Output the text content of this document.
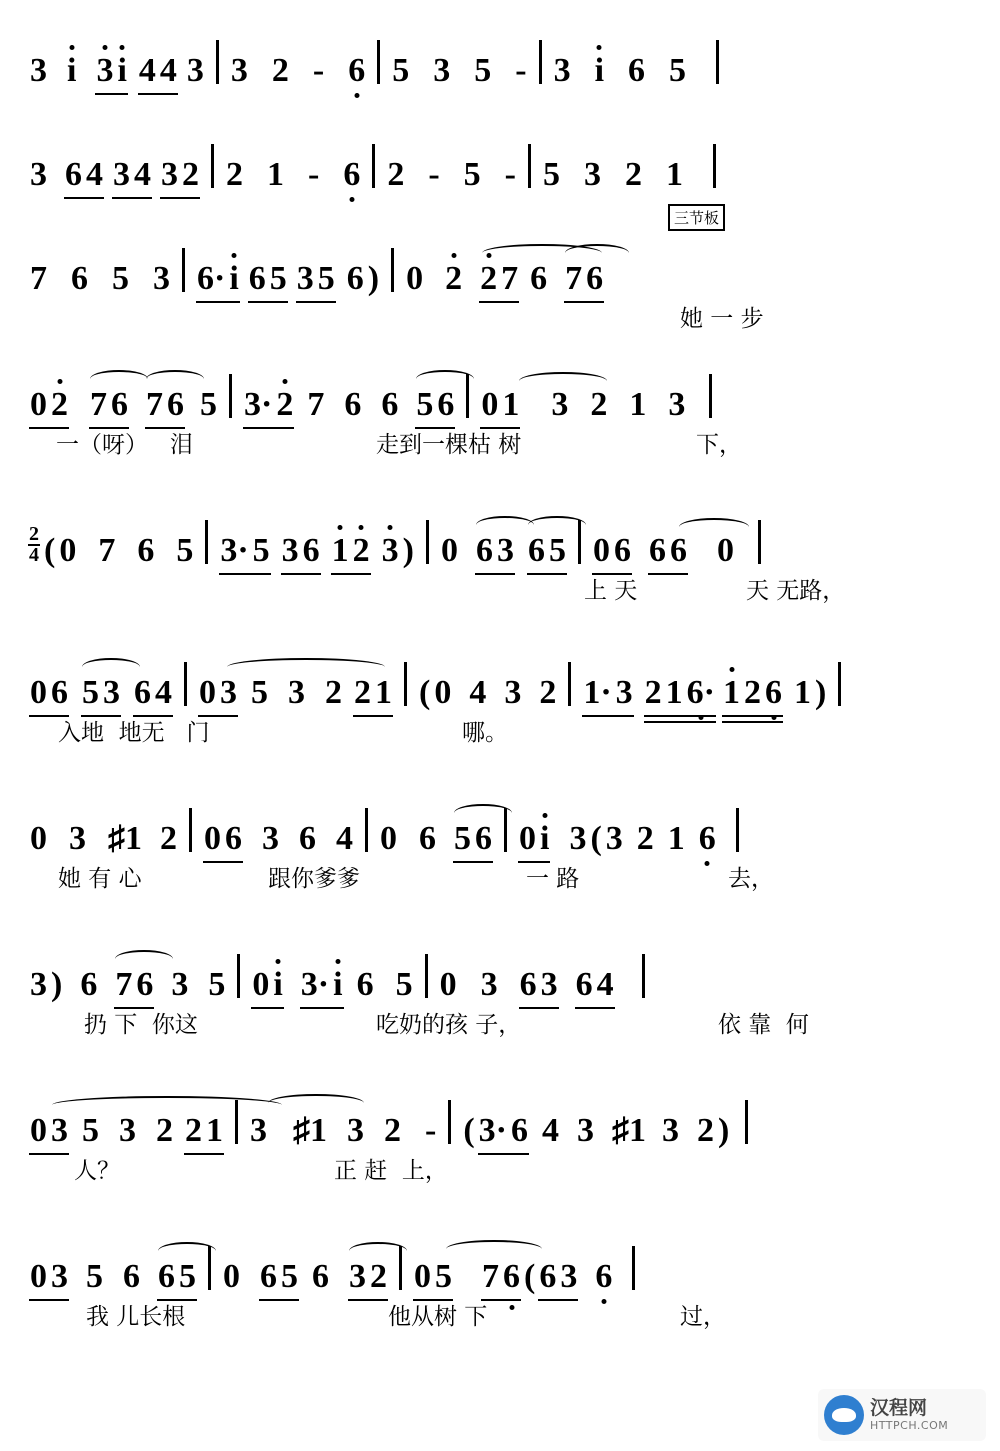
3 i 3 i 4 4 3 3 2 - 6 5 3 5 - 3 i 6 5
3 6 4 3 4 3 2 2 1 - 6 2 - 5 - 5 3 2 1
三节板
7 6 5 3 6· i 6 5 3 5 6 ) 0 2 2 7 6 7 6
她 一 步
0 2 7 6 7 6 5 3· 2 7 6 6 5 6 0 1 3 2 1 3
一（呀）   泪	走到一棵枯 树	下，
2
4 ( 0 7 6 5 3· 5 3 6 1 2 3 ) 0 6 3 6 5 0 6 6 6 0
上 天	天 无路，
0 6 5 3 6 4 0 3 5 3 2 2 1 ( 0 4 3 2 1· 3 2 1 6· 1 2 6 1 )
入地  地无   门	哪。
0 3 ♯1 2 0 6 3 6 4 0 6 5 6 0 i 3 ( 3 2 1 6
她 有 心	跟你爹爹	一 路	去，
3 ) 6 7 6 3 5 0 i 3· i 6 5 0 3 6 3 6 4
扔 下  你这	吃奶的孩 子，	依 靠  何
0 3 5 3 2 2 1 3 ♯1 3 2 - ( 3· 6 4 3 ♯1 3 2 )
人？	正 赶  上，
0 3 5 6 6 5 0 6 5 6 3 2 0 5 7 6 ( 6 3 6
我 儿长根	他从树 下	过，
汉程网
HTTPCH.COM
